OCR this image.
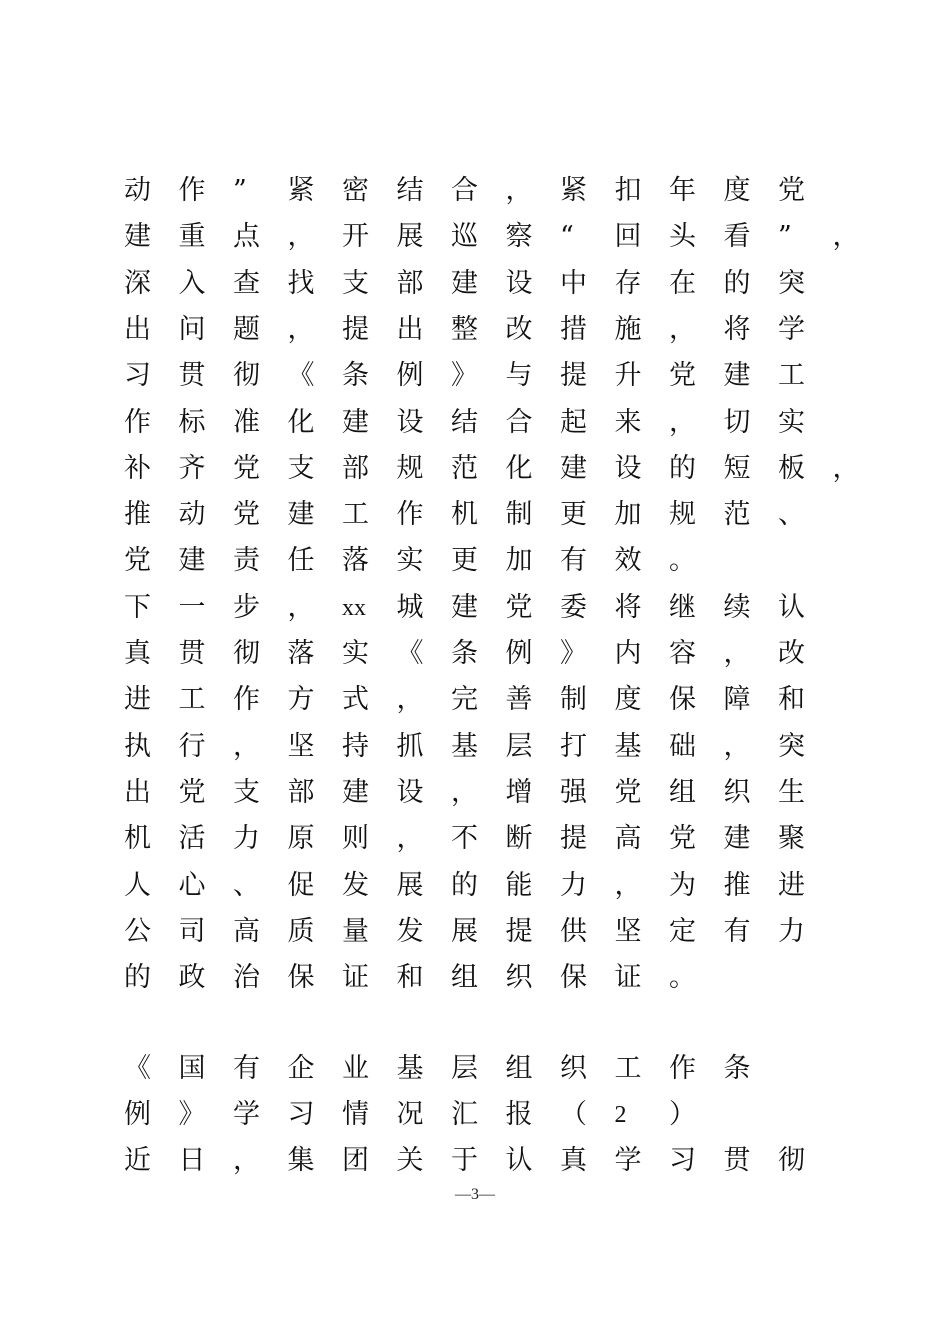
动	作	”	紧	密	结	合	，	紧	扣	年	度	党
建	重	点	，	开	展	巡	察	“	回	头	看	”	，
深	入	查	找	支	部	建	设	中	存	在	的	突
出	问	题	，	提	出	整	改	措	施	，	将	学
习	贯	彻	《	条	例	》	与	提	升	党	建	工
作	标	准	化	建	设	结	合	起	来	，	切	实
补	齐	党	支	部	规	范	化	建	设	的	短	板	，
推	动	党	建	工	作	机	制	更	加	规	范	、
党	建	责	任	落	实	更	加	有	效	。
下	一	步	，	xx	城	建	党	委	将	继	续	认
真	贯	彻	落	实	《	条	例	》	内	容	，	改
进	工	作	方	式	，	完	善	制	度	保	障	和
执	行	，	坚	持	抓	基	层	打	基	础	，	突
出	党	支	部	建	设	，	增	强	党	组	织	生
机	活	力	原	则	，	不	断	提	高	党	建	聚
人	心	、	促	发	展	的	能	力	，	为	推	进
公	司	高	质	量	发	展	提	供	坚	定	有	力
的	政	治	保	证	和	组	织	保	证	。
《	国	有	企	业	基	层	组	织	工	作	条
例	》	学	习	情	况	汇	报	（	2	）
近	日	，	集	团	关	于	认	真	学	习	贯	彻
—3—
